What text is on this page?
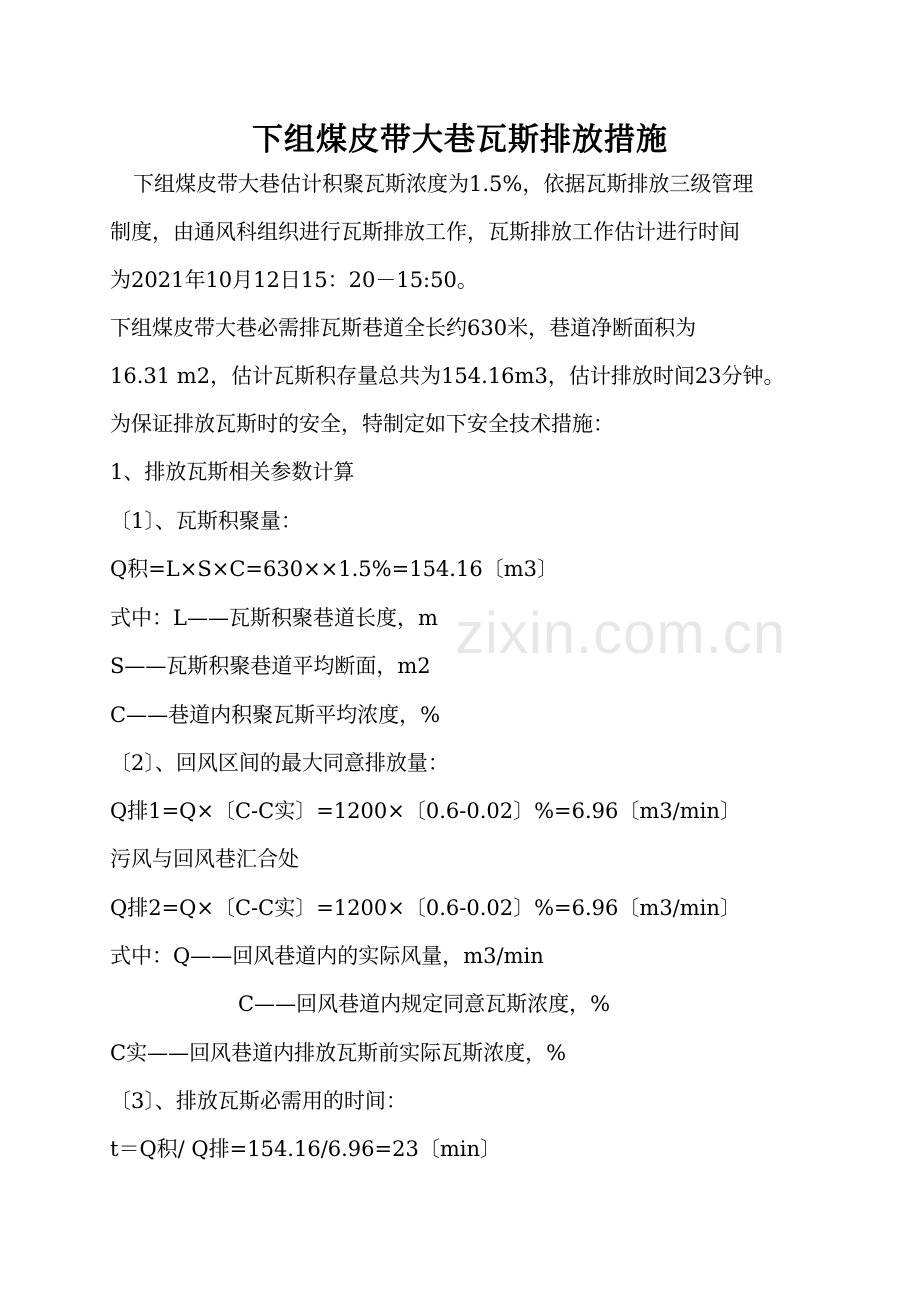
下组煤皮带大巷瓦斯排放措施
下组煤皮带大巷估计积聚瓦斯浓度为1.5%，依据瓦斯排放三级管理
制度，由通风科组织进行瓦斯排放工作，瓦斯排放工作估计进行时间
为2021年10月12日15：20－15:50。
下组煤皮带大巷必需排瓦斯巷道全长约630米，巷道净断面积为
16.31 m2，估计瓦斯积存量总共为154.16m3，估计排放时间23分钟。
为保证排放瓦斯时的安全，特制定如下安全技术措施：
1、排放瓦斯相关参数计算
〔1〕、瓦斯积聚量：
Q积=L×S×C=630××1.5%=154.16〔m3〕
式中：L——瓦斯积聚巷道长度，m
S——瓦斯积聚巷道平均断面，m2
C——巷道内积聚瓦斯平均浓度，%
〔2〕、回风区间的最大同意排放量：
Q排1=Q×〔C-C实〕=1200×〔0.6-0.02〕%=6.96〔m3/min〕
污风与回风巷汇合处
Q排2=Q×〔C-C实〕=1200×〔0.6-0.02〕%=6.96〔m3/min〕
式中：Q——回风巷道内的实际风量，m3/min
C——回风巷道内规定同意瓦斯浓度，%
C实——回风巷道内排放瓦斯前实际瓦斯浓度，%
〔3〕、排放瓦斯必需用的时间：
t＝Q积/ Q排=154.16/6.96=23〔min〕
zixin.com.cn
